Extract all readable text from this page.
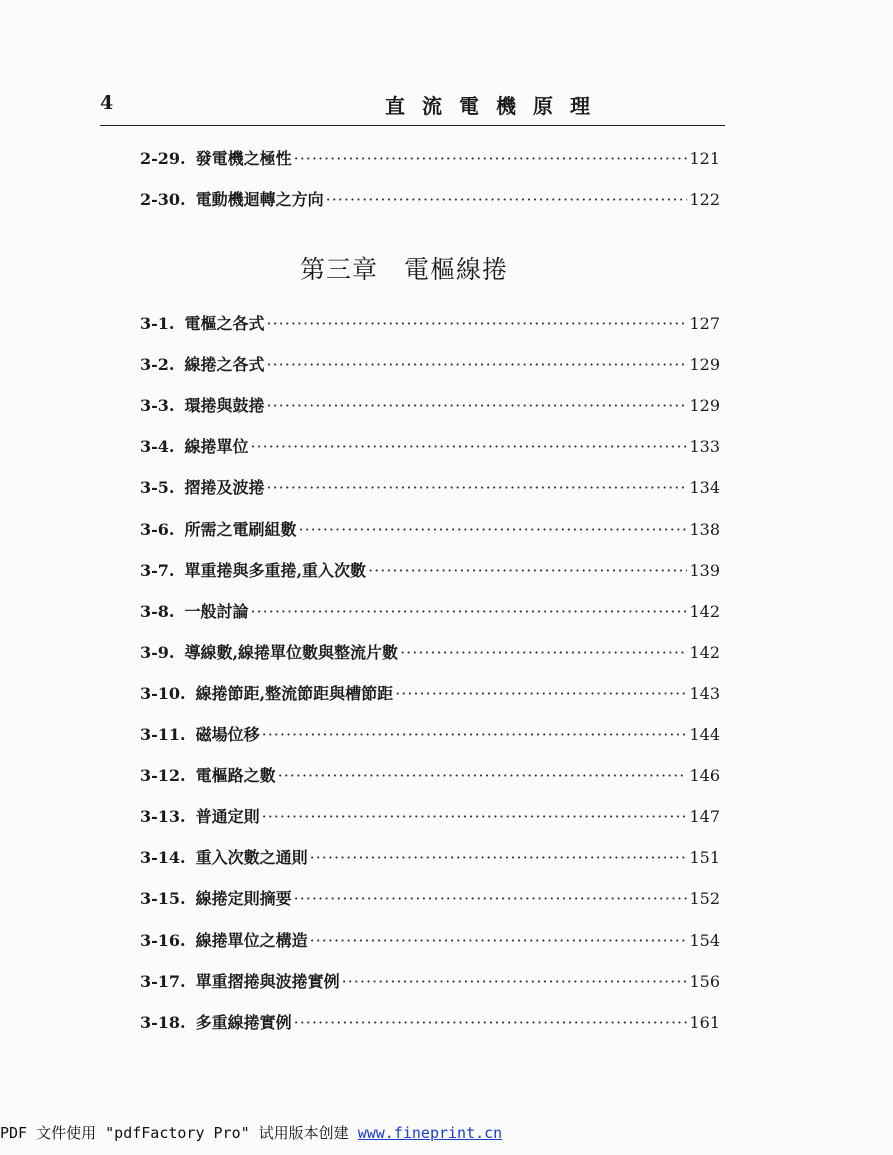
4	直流電機原理
2-29. 發電機之極性 ·····	121
2-30. 電動機迴轉之方向 ·····	122
第三章　電樞線捲
3-1. 電樞之各式 ·····	127
3-2. 線捲之各式 ·····	129
3-3. 環捲與鼓捲 ·····	129
3-4. 線捲單位 ·····	133
3-5. 摺捲及波捲 ·····	134
3-6. 所需之電刷組數 ·····	138
3-7. 單重捲與多重捲,重入次數 ·····	139
3-8. 一般討論 ·····	142
3-9. 導線數,線捲單位數與整流片數 ·····	142
3-10. 線捲節距,整流節距與槽節距 ·····	143
3-11. 磁場位移 ·····	144
3-12. 電樞路之數 ·····	146
3-13. 普通定則 ·····	147
3-14. 重入次數之通則 ·····	151
3-15. 線捲定則摘要 ·····	152
3-16. 線捲單位之構造 ·····	154
3-17. 單重摺捲與波捲實例 ·····	156
3-18. 多重線捲實例 ·····	161
PDF 文件使用 "pdfFactory Pro" 试用版本创建 www.fineprint.cn
